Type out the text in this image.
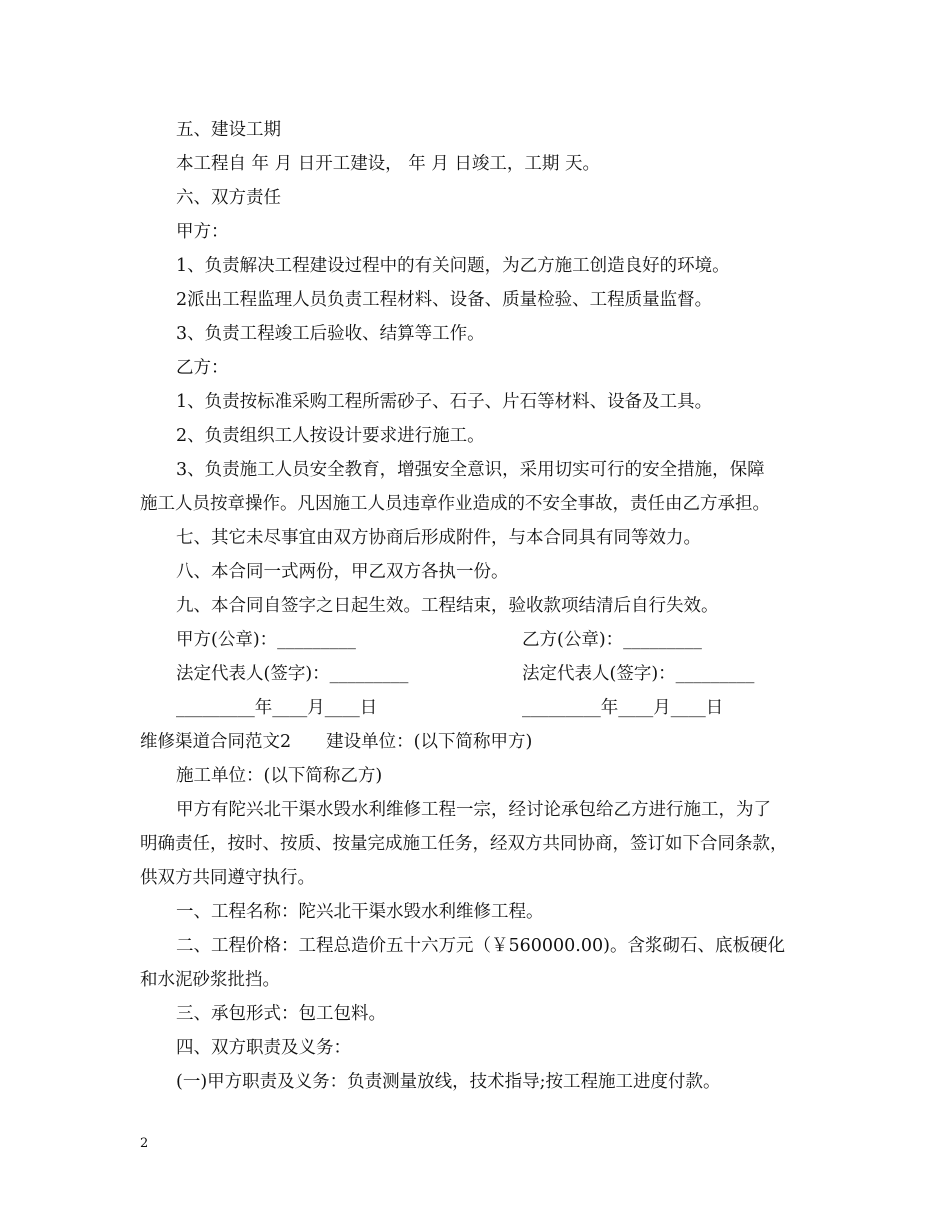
五、建设工期
本工程自 年 月 日开工建设， 年 月 日竣工，工期 天。
六、双方责任
甲方：
1、负责解决工程建设过程中的有关问题，为乙方施工创造良好的环境。
2派出工程监理人员负责工程材料、设备、质量检验、工程质量监督。
3、负责工程竣工后验收、结算等工作。
乙方：
1、负责按标准采购工程所需砂子、石子、片石等材料、设备及工具。
2、负责组织工人按设计要求进行施工。
3、负责施工人员安全教育，增强安全意识，采用切实可行的安全措施，保障
施工人员按章操作。凡因施工人员违章作业造成的不安全事故，责任由乙方承担。
七、其它未尽事宜由双方协商后形成附件，与本合同具有同等效力。
八、本合同一式两份，甲乙双方各执一份。
九、本合同自签字之日起生效。工程结束，验收款项结清后自行失效。
甲方(公章)：_________	乙方(公章)：_________
法定代表人(签字)：_________	法定代表人(签字)：_________
_________年____月____日	_________年____月____日
维修渠道合同范文2　　建设单位：(以下简称甲方)
施工单位：(以下简称乙方)
甲方有陀兴北干渠水毁水利维修工程一宗，经讨论承包给乙方进行施工，为了
明确责任，按时、按质、按量完成施工任务，经双方共同协商，签订如下合同条款，
供双方共同遵守执行。
一、工程名称：陀兴北干渠水毁水利维修工程。
二、工程价格：工程总造价五十六万元（￥560000.00)。含浆砌石、底板硬化
和水泥砂浆批挡。
三、承包形式：包工包料。
四、双方职责及义务：
(一)甲方职责及义务：负责测量放线，技术指导;按工程施工进度付款。
2
